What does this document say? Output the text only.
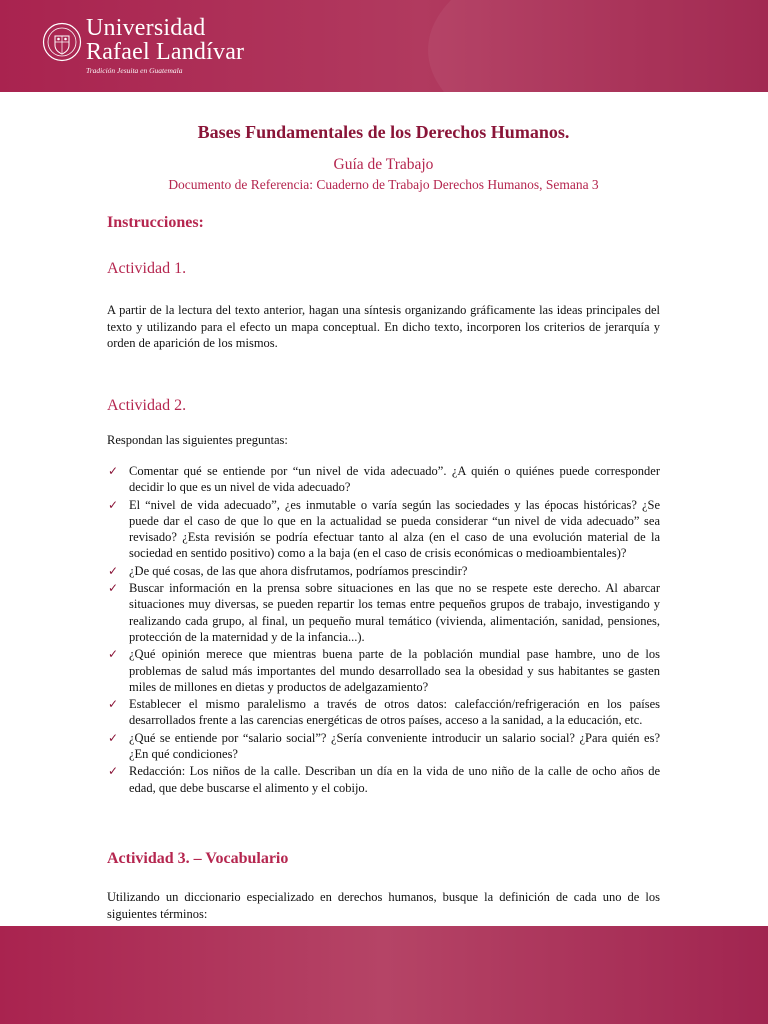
Universidad
Rafael Landívar
Tradición Jesuita en Guatemala
Bases Fundamentales de los Derechos Humanos.
Guía de Trabajo
Documento de Referencia: Cuaderno de Trabajo Derechos Humanos, Semana 3
Instrucciones:
Actividad 1.
A partir de la lectura del texto anterior, hagan una síntesis organizando gráficamente las ideas principales del texto y utilizando para el efecto un mapa conceptual. En dicho texto, incorporen los criterios de jerarquía y orden de aparición de los mismos.
Actividad 2.
Respondan las siguientes preguntas:
✓ Comentar qué se entiende por “un nivel de vida adecuado”. ¿A quién o quiénes puede corresponder decidir lo que es un nivel de vida adecuado?
✓ El “nivel de vida adecuado”, ¿es inmutable o varía según las sociedades y las épocas históricas? ¿Se puede dar el caso de que lo que en la actualidad se pueda considerar “un nivel de vida adecuado” sea revisado? ¿Esta revisión se podría efectuar tanto al alza (en el caso de una evolución material de la sociedad en sentido positivo) como a la baja (en el caso de crisis económicas o medioambientales)?
✓ ¿De qué cosas, de las que ahora disfrutamos, podríamos prescindir?
✓ Buscar información en la prensa sobre situaciones en las que no se respete este derecho. Al abarcar situaciones muy diversas, se pueden repartir los temas entre pequeños grupos de trabajo, investigando y realizando cada grupo, al final, un pequeño mural temático (vivienda, alimentación, sanidad, pensiones, protección de la maternidad y de la infancia...).
✓ ¿Qué opinión merece que mientras buena parte de la población mundial pase hambre, uno de los problemas de salud más importantes del mundo desarrollado sea la obesidad y sus habitantes se gasten miles de millones en dietas y productos de adelgazamiento?
✓ Establecer el mismo paralelismo a través de otros datos: calefacción/refrigeración en los países desarrollados frente a las carencias energéticas de otros países, acceso a la sanidad, a la educación, etc.
✓ ¿Qué se entiende por “salario social”? ¿Sería conveniente introducir un salario social? ¿Para quién es? ¿En qué condiciones?
✓ Redacción: Los niños de la calle. Describan un día en la vida de uno niño de la calle de ocho años de edad, que debe buscarse el alimento y el cobijo.
Actividad 3. – Vocabulario
Utilizando un diccionario especializado en derechos humanos, busque la definición de cada uno de los siguientes términos:
